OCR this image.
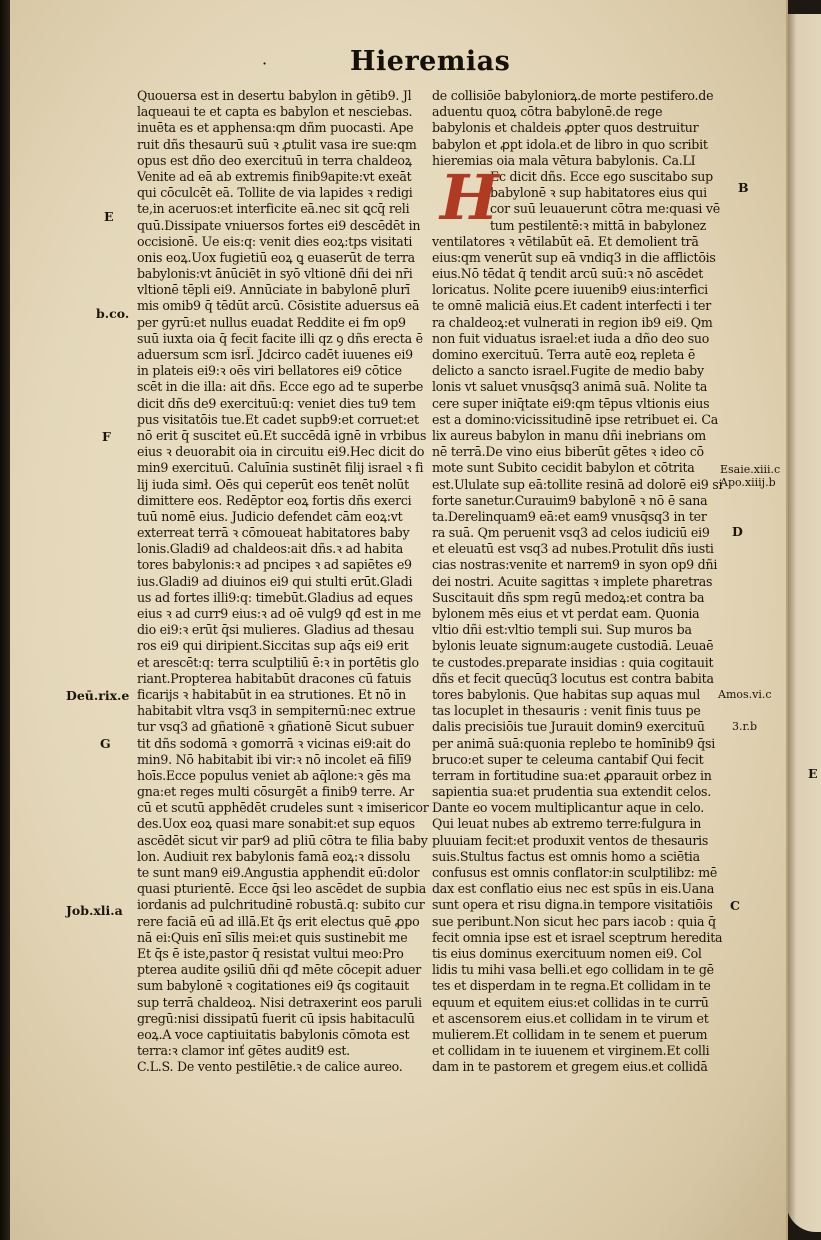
·	Hieremias
Quouersa est in desertu babylon in gētib9. Jl
laqueaui te et capta es babylon et nesciebas.
inuēta es et apphensa:qm dñm puocasti. Ape
ruit dñs thesaurū suū ꝛ ꝓtulit vasa ire sue:qm
opus est dño deo exercituū in terra chaldeoꝝ
Venite ad eā ab extremis finib9apite:vt exeāt
qui cōculcēt eā. Tollite de via lapides ꝛ redigi
te,in aceruos:et interficite eā.nec sit ꝗcq̄ reli
quū.Dissipate vniuersos fortes ei9 descēdēt in
occisionē. Ue eis:q: venit dies eoꝝ:tps visitati
onis eoꝝ.Uox fugietiū eoꝝ ꝗ euaserūt de terra
babylonis:vt ānūciēt in syō vltionē dñi dei nr̄i
vltionē tēpli ei9. Annūciate in babylonē plurī
mis omib9 q̄ tēdūt arcū. Cōsistite aduersus eā
per gyrū:et nullus euadat Reddite ei fm op9
suū iuxta oia q̄ fecit facite illi qz ꝯ dñs erecta ē
aduersum scm isrl̄. Jdcirco cadēt iuuenes ei9
in plateis ei9:ꝛ oēs viri bellatores ei9 cōtice
scēt in die illa: ait dñs. Ecce ego ad te superbe
dicit dñs de9 exercituū:q: veniet dies tu9 tem
pus visitatōis tue.Et cadet supb9:et corruet:et
nō erit q̄ suscitet eū.Et succēdā ignē in vrbibus
eius ꝛ deuorabit oia in circuitu ei9.Hec dicit do
min9 exercituū. Caluīnia sustinēt filij israel ꝛ fi
lij iuda simł. Oēs qui ceperūt eos tenēt nolūt
dimittere eos. Redēptor eoꝝ fortis dñs exerci
tuū nomē eius. Judicio defendet cām eoꝝ:vt
exterreat terrā ꝛ cōmoueat habitatores baby
lonis.Gladi9 ad chaldeos:ait dñs.ꝛ ad habita
tores babylonis:ꝛ ad pncipes ꝛ ad sapiētes e9
ius.Gladi9 ad diuinos ei9 qui stulti erūt.Gladi
us ad fortes illi9:q: timebūt.Gladius ad eques
eius ꝛ ad curr9 eius:ꝛ ad oē vulg9 qđ est in me
dio ei9:ꝛ erūt q̄si mulieres. Gladius ad thesau
ros ei9 qui diripient.Siccitas sup aq̄s ei9 erit
et arescēt:q: terra sculptiliū ē:ꝛ in portētis glo
riant.Propterea habitabūt dracones cū fatuis
ficarijs ꝛ habitabūt in ea strutiones. Et nō in
habitabit vltra vsq3 in sempiternū:nec extrue
tur vsq3 ad gñationē ꝛ gñationē Sicut subuer
tit dñs sodomā ꝛ gomorrā ꝛ vicinas ei9:ait do
min9. Nō habitabit ibi vir:ꝛ nō incolet eā filī9
hoīs.Ecce populus veniet ab aq̄lone:ꝛ gēs ma
gna:et reges multi cōsurgēt a finib9 terre. Ar
cū et scutū apphēdēt crudeles sunt ꝛ imisericor
des.Uox eoꝝ quasi mare sonabit:et sup equos
ascēdēt sicut vir par9 ad pliū cōtra te filia baby
lon. Audiuit rex babylonis famā eoꝝ:ꝛ dissolu
te sunt man9 ei9.Angustia apphendit eū:dolor
quasi pturientē. Ecce q̄si leo ascēdet de supbia
iordanis ad pulchritudinē robustā.q: subito cur
rere faciā eū ad illā.Et q̄s erit electus quē ꝓpo
nā ei:Quis enī sīlis mei:et quis sustinebit me
Et q̄s ē iste,pastor q̄ resistat vultui meo:Pro
pterea audite ꝯsiliū dñi qđ mēte cōcepit aduer
sum babylonē ꝛ cogitationes ei9 q̄s cogitauit
sup terrā chaldeoꝝ. Nisi detraxerint eos paruli
gregū:nisi dissipatū fuerit cū ipsis habitaculū
eoꝝ.A voce captiuitatis babylonis cōmota est
terra:ꝛ clamor inť gētes audit9 est.
C.L.S. De vento pestilētie.ꝛ de calice aureo.
de collisiōe babyloniorꝝ.de morte pestifero.de
aduentu quoꝝ cōtra babylonē.de rege
babylonis et chaldeis ꝓpter quos destruitur
babylon et ꝓpt idola.et de libro in quo scribit
hieremias oia mala vētura babylonis. Ca.LI
Ec dicit dñs. Ecce ego suscitabo sup
babylonē ꝛ sup habitatores eius qui
cor suū leuauerunt cōtra me:quasi vē
tum pestilentē:ꝛ mittā in babylonez
ventilatores ꝛ vētilabūt eā. Et demolient trā
eius:qm venerūt sup eā vndiq3 in die afflictōis
eius.Nō tēdat q̄ tendit arcū suū:ꝛ nō ascēdet
loricatus. Nolite ꝑcere iuuenib9 eius:interfici
te omnē maliciā eius.Et cadent interfecti i ter
ra chaldeoꝝ:et vulnerati in region ib9 ei9. Qm
non fuit viduatus israel:et iuda a dño deo suo
domino exercituū. Terra autē eoꝝ repleta ē
delicto a sancto israel.Fugite de medio baby
lonis vt saluet vnusq̄sq3 animā suā. Nolite ta
cere super iniq̄tate ei9:qm tēpus vltionis eius
est a domino:vicissitudinē ipse retribuet ei. Ca
lix aureus babylon in manu dñi inebrians om
nē terrā.De vino eius biberūt gētes ꝛ ideo cō
mote sunt Subito cecidit babylon et cōtrita
est.Ululate sup eā:tollite resinā ad dolorē ei9 si
forte sanetur.Curauim9 babylonē ꝛ nō ē sana
ta.Derelinquam9 eā:et eam9 vnusq̄sq3 in ter
ra suā. Qm peruenit vsq3 ad celos iudiciū ei9
et eleuatū est vsq3 ad nubes.Protulit dñs iusti
cias nostras:venite et narrem9 in syon op9 dñi
dei nostri. Acuite sagittas ꝛ implete pharetras
Suscitauit dñs spm regū medoꝝ:et contra ba
bylonem mēs eius et vt perdat eam. Quonia
vltio dñi est:vltio templi sui. Sup muros ba
bylonis leuate signum:augete custodiā. Leuaē
te custodes.preparate insidias : quia cogitauit
dñs et fecit quecūq3 locutus est contra babita
tores babylonis. Que habitas sup aquas mul
tas locuplet in thesauris : venit finis tuus pe
dalis precisiōis tue Jurauit domin9 exercituū
per animā suā:quonia replebo te homīnib9 q̄si
bruco:et super te celeuma cantabif Qui fecit
terram in fortitudine sua:et ꝓparauit orbez in
sapientia sua:et prudentia sua extendit celos.
Dante eo vocem multiplicantur aque in celo.
Qui leuat nubes ab extremo terre:fulgura in
pluuiam fecit:et produxit ventos de thesauris
suis.Stultus factus est omnis homo a sciētia
confusus est omnis conflator:in sculptilibz: mē
dax est conflatio eius nec est spūs in eis.Uana
sunt opera et risu digna.in tempore visitatiōis
sue peribunt.Non sicut hec pars iacob : quia q̄
fecit omnia ipse est et israel sceptrum heredita
tis eius dominus exercituum nomen ei9. Col
lidis tu mihi vasa belli.et ego collidam in te gē
tes et disperdam in te regna.Et collidam in te
equum et equitem eius:et collidas in te currū
et ascensorem eius.et collidam in te virum et
mulierem.Et collidam in te senem et puerum
et collidam in te iuuenem et virginem.Et colli
dam in te pastorem et gregem eius.et collidā
H
E
b.co.
F
Deū.rix.e
G
Job.xli.a
B
Esaie.xiii.c Apo.xiiij.b
D
Amos.vi.c
3.r.b
E
C
